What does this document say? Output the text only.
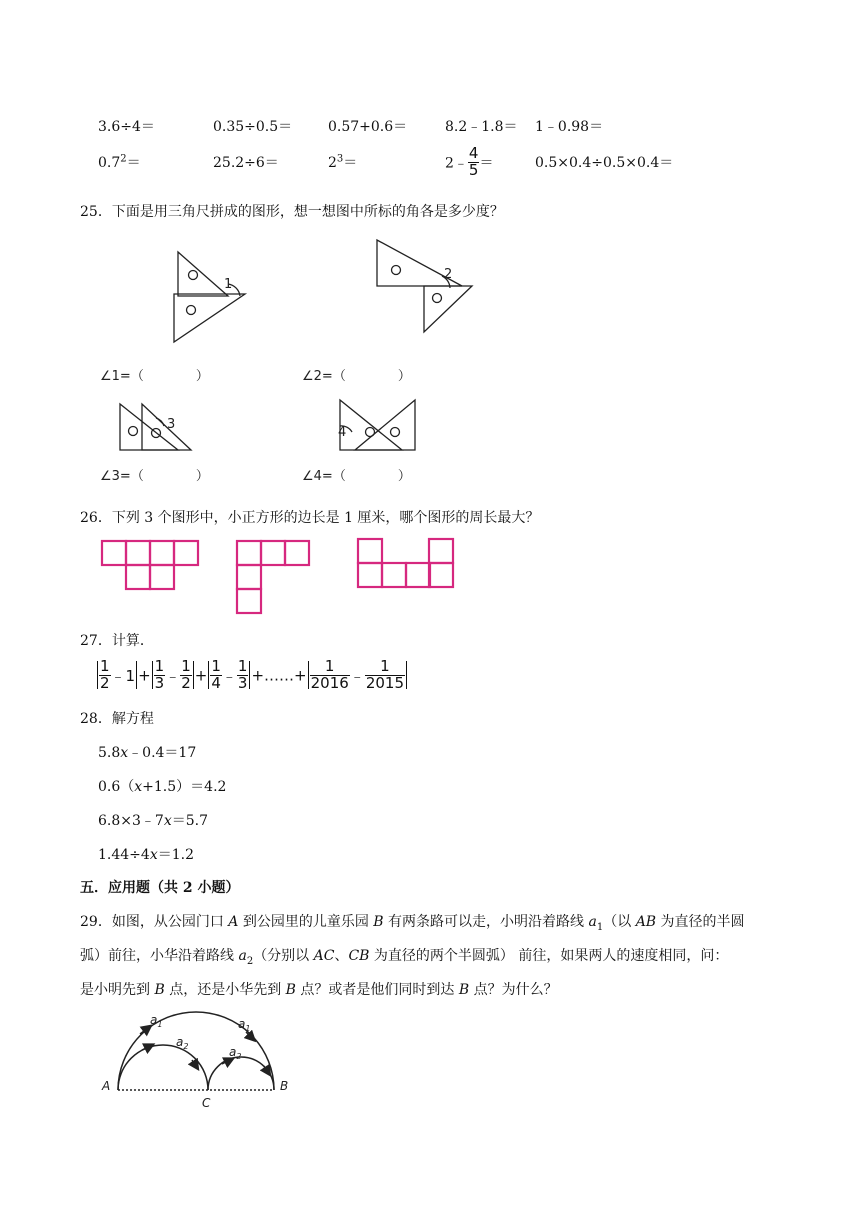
3.6÷4＝	0.35÷0.5＝	0.57+0.6＝	8.2﹣1.8＝ 1﹣0.98＝
$0.7^2=$	25.2÷6＝	$2^3=$	2﹣ $\frac{4}{5}$ ＝	0.5×0.4÷0.5×0.4＝
25．下面是用三角尺拼成的图形，想一想图中所标的角各是多少度？
1
2
3
4
∠1=（　　　　）	∠2=（　　　　）
∠3=（　　　　）	∠4=（　　　　）
26．下列 3 个图形中，小正方形的边长是 1 厘米，哪个图形的周长最大？
27．计算．
$\frac{1}{2}$ ﹣1 + $\frac{1}{3}$ ﹣ $\frac{1}{2} + \frac{1}{4}$ ﹣ $\frac{1}{3}$ +……+ $\frac{1}{2016}$ ﹣ $\frac{1}{2015}$
28．解方程
5.8x﹣0.4＝17
0.6（x+1.5）＝4.2
6.8×3﹣7x＝5.7
1.44÷4x＝1.2
五．应用题（共 2 小题）
29．如图，从公园门口 A 到公园里的儿童乐园 B 有两条路可以走，小明沿着路线 $a_1$（以 AB 为直径的半圆
弧）前往，小华沿着路线 $a_2$（分别以 AC、CB 为直径的两个半圆弧） 前往，如果两人的速度相同，问：
是小明先到 B 点，还是小华先到 B 点？或者是他们同时到达 B 点？为什么？
$a_1$	$a_1$
$a_2$	$a_2$
A	B
C
